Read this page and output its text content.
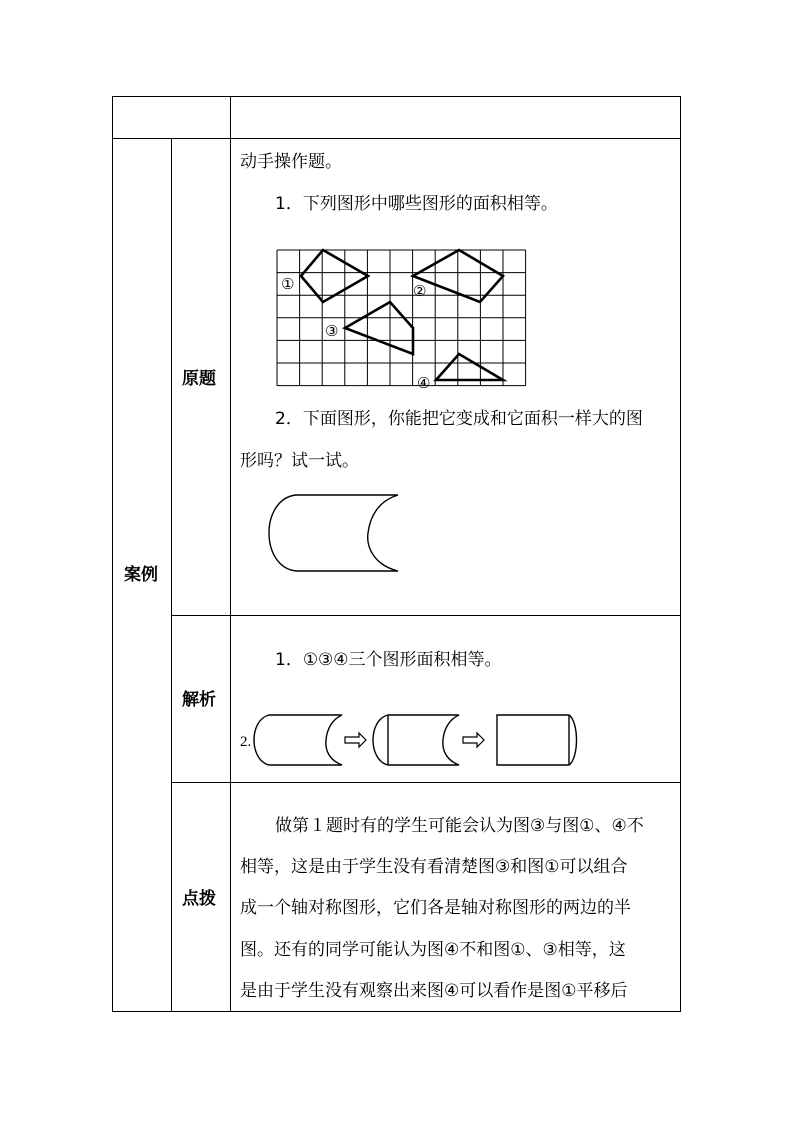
案例
原题
解析
点拨
动手操作题。
1．下列图形中哪些图形的面积相等。
①	②
③
④
2．下面图形，你能把它变成和它面积一样大的图
形吗？试一试。
1．①③④三个图形面积相等。
2.
做第１题时有的学生可能会认为图③与图①、④不
相等，这是由于学生没有看清楚图③和图①可以组合
成一个轴对称图形，它们各是轴对称图形的两边的半
图。还有的同学可能认为图④不和图①、③相等，这
是由于学生没有观察出来图④可以看作是图①平移后
